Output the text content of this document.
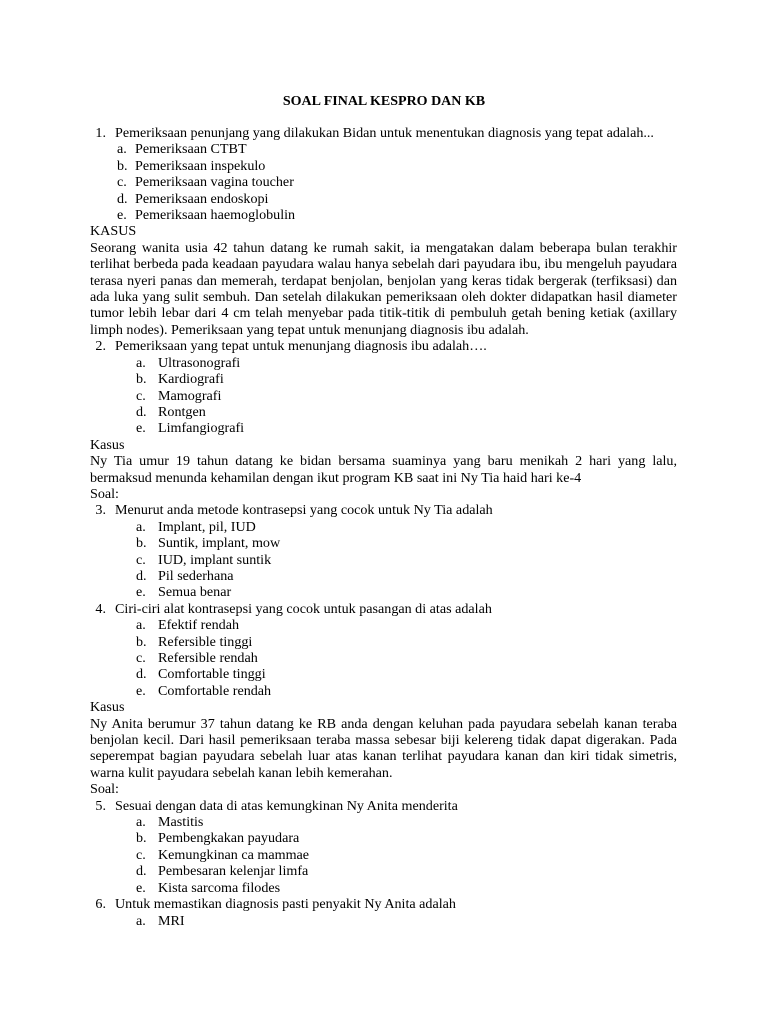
SOAL FINAL KESPRO DAN KB
1. Pemeriksaan penunjang yang dilakukan Bidan untuk menentukan diagnosis yang tepat adalah...
a. Pemeriksaan CTBT
b. Pemeriksaan inspekulo
c. Pemeriksaan vagina toucher
d. Pemeriksaan endoskopi
e. Pemeriksaan haemoglobulin
KASUS
Seorang wanita usia 42 tahun datang ke rumah sakit, ia mengatakan dalam beberapa bulan terakhir terlihat berbeda pada keadaan payudara walau hanya sebelah dari payudara ibu, ibu mengeluh payudara terasa nyeri panas dan memerah, terdapat benjolan, benjolan yang keras tidak bergerak (terfiksasi) dan ada luka yang sulit sembuh. Dan setelah dilakukan pemeriksaan oleh dokter didapatkan hasil diameter tumor lebih lebar dari 4 cm telah menyebar pada titik-titik di pembuluh getah bening ketiak (axillary limph nodes). Pemeriksaan yang tepat untuk menunjang diagnosis ibu adalah.
2. Pemeriksaan yang tepat untuk menunjang diagnosis ibu adalah….
a. Ultrasonografi
b. Kardiografi
c. Mamografi
d. Rontgen
e. Limfangiografi
Kasus
Ny Tia umur 19 tahun datang ke bidan bersama suaminya yang baru menikah 2 hari yang lalu, bermaksud menunda kehamilan dengan ikut program KB saat ini Ny Tia haid hari ke-4
Soal:
3. Menurut anda metode kontrasepsi yang cocok untuk Ny Tia adalah
a. Implant, pil, IUD
b. Suntik, implant, mow
c. IUD, implant suntik
d. Pil sederhana
e. Semua benar
4. Ciri-ciri alat kontrasepsi yang cocok untuk pasangan di atas adalah
a. Efektif rendah
b. Refersible tinggi
c. Refersible rendah
d. Comfortable tinggi
e. Comfortable rendah
Kasus
Ny Anita berumur 37 tahun datang ke RB anda dengan keluhan pada payudara sebelah kanan teraba benjolan kecil. Dari hasil pemeriksaan teraba massa sebesar biji kelereng tidak dapat digerakan. Pada seperempat bagian payudara sebelah luar atas kanan terlihat payudara kanan dan kiri tidak simetris, warna kulit payudara sebelah kanan lebih kemerahan.
Soal:
5. Sesuai dengan data di atas kemungkinan Ny Anita menderita
a. Mastitis
b. Pembengkakan payudara
c. Kemungkinan ca mammae
d. Pembesaran kelenjar limfa
e. Kista sarcoma filodes
6. Untuk memastikan diagnosis pasti penyakit Ny Anita adalah
a. MRI
